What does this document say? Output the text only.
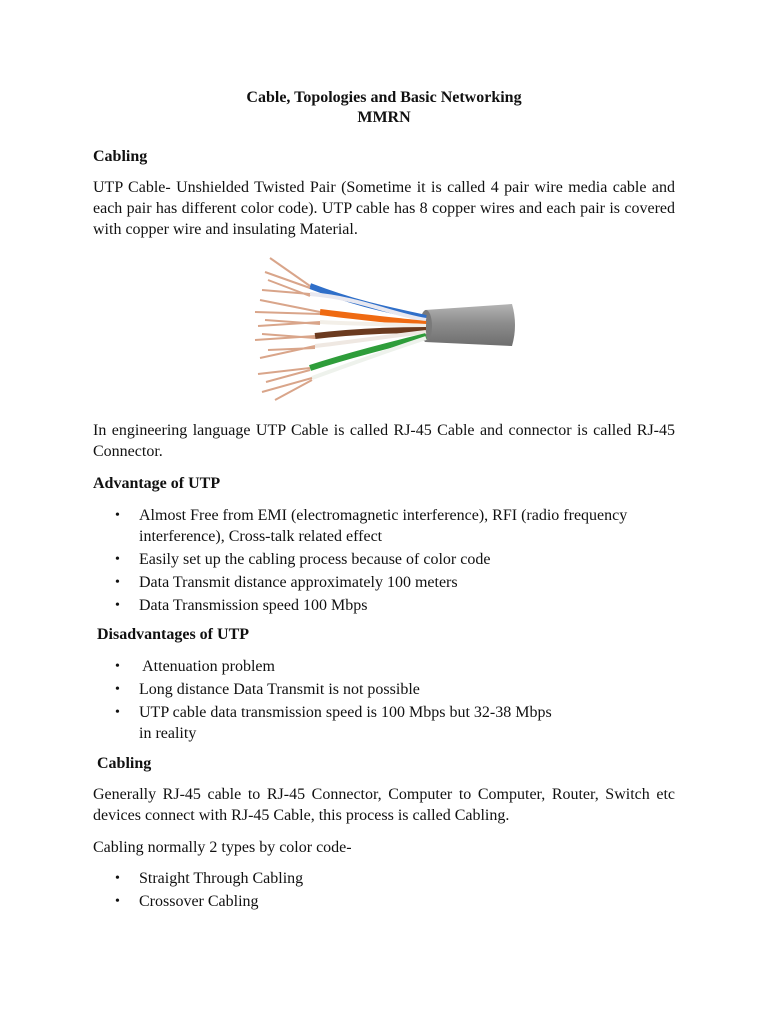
Cable, Topologies and Basic Networking
MMRN
Cabling
UTP Cable- Unshielded Twisted Pair (Sometime it is called 4 pair wire media cable and each pair has different color code). UTP cable has 8 copper wires and each pair is covered with copper wire and insulating Material.
In engineering language UTP Cable is called RJ-45 Cable and connector is called RJ-45 Connector.
Advantage of UTP
• Almost Free from EMI (electromagnetic interference), RFI (radio frequency interference), Cross-talk related effect
• Easily set up the cabling process because of color code
• Data Transmit distance approximately 100 meters
• Data Transmission speed 100 Mbps
Disadvantages of UTP
• Attenuation problem
• Long distance Data Transmit is not possible
• UTP cable data transmission speed is 100 Mbps but 32-38 Mbps in reality
Cabling
Generally RJ-45 cable to RJ-45 Connector, Computer to Computer, Router, Switch etc devices connect with RJ-45 Cable, this process is called Cabling.
Cabling normally 2 types by color code-
• Straight Through Cabling
• Crossover Cabling
